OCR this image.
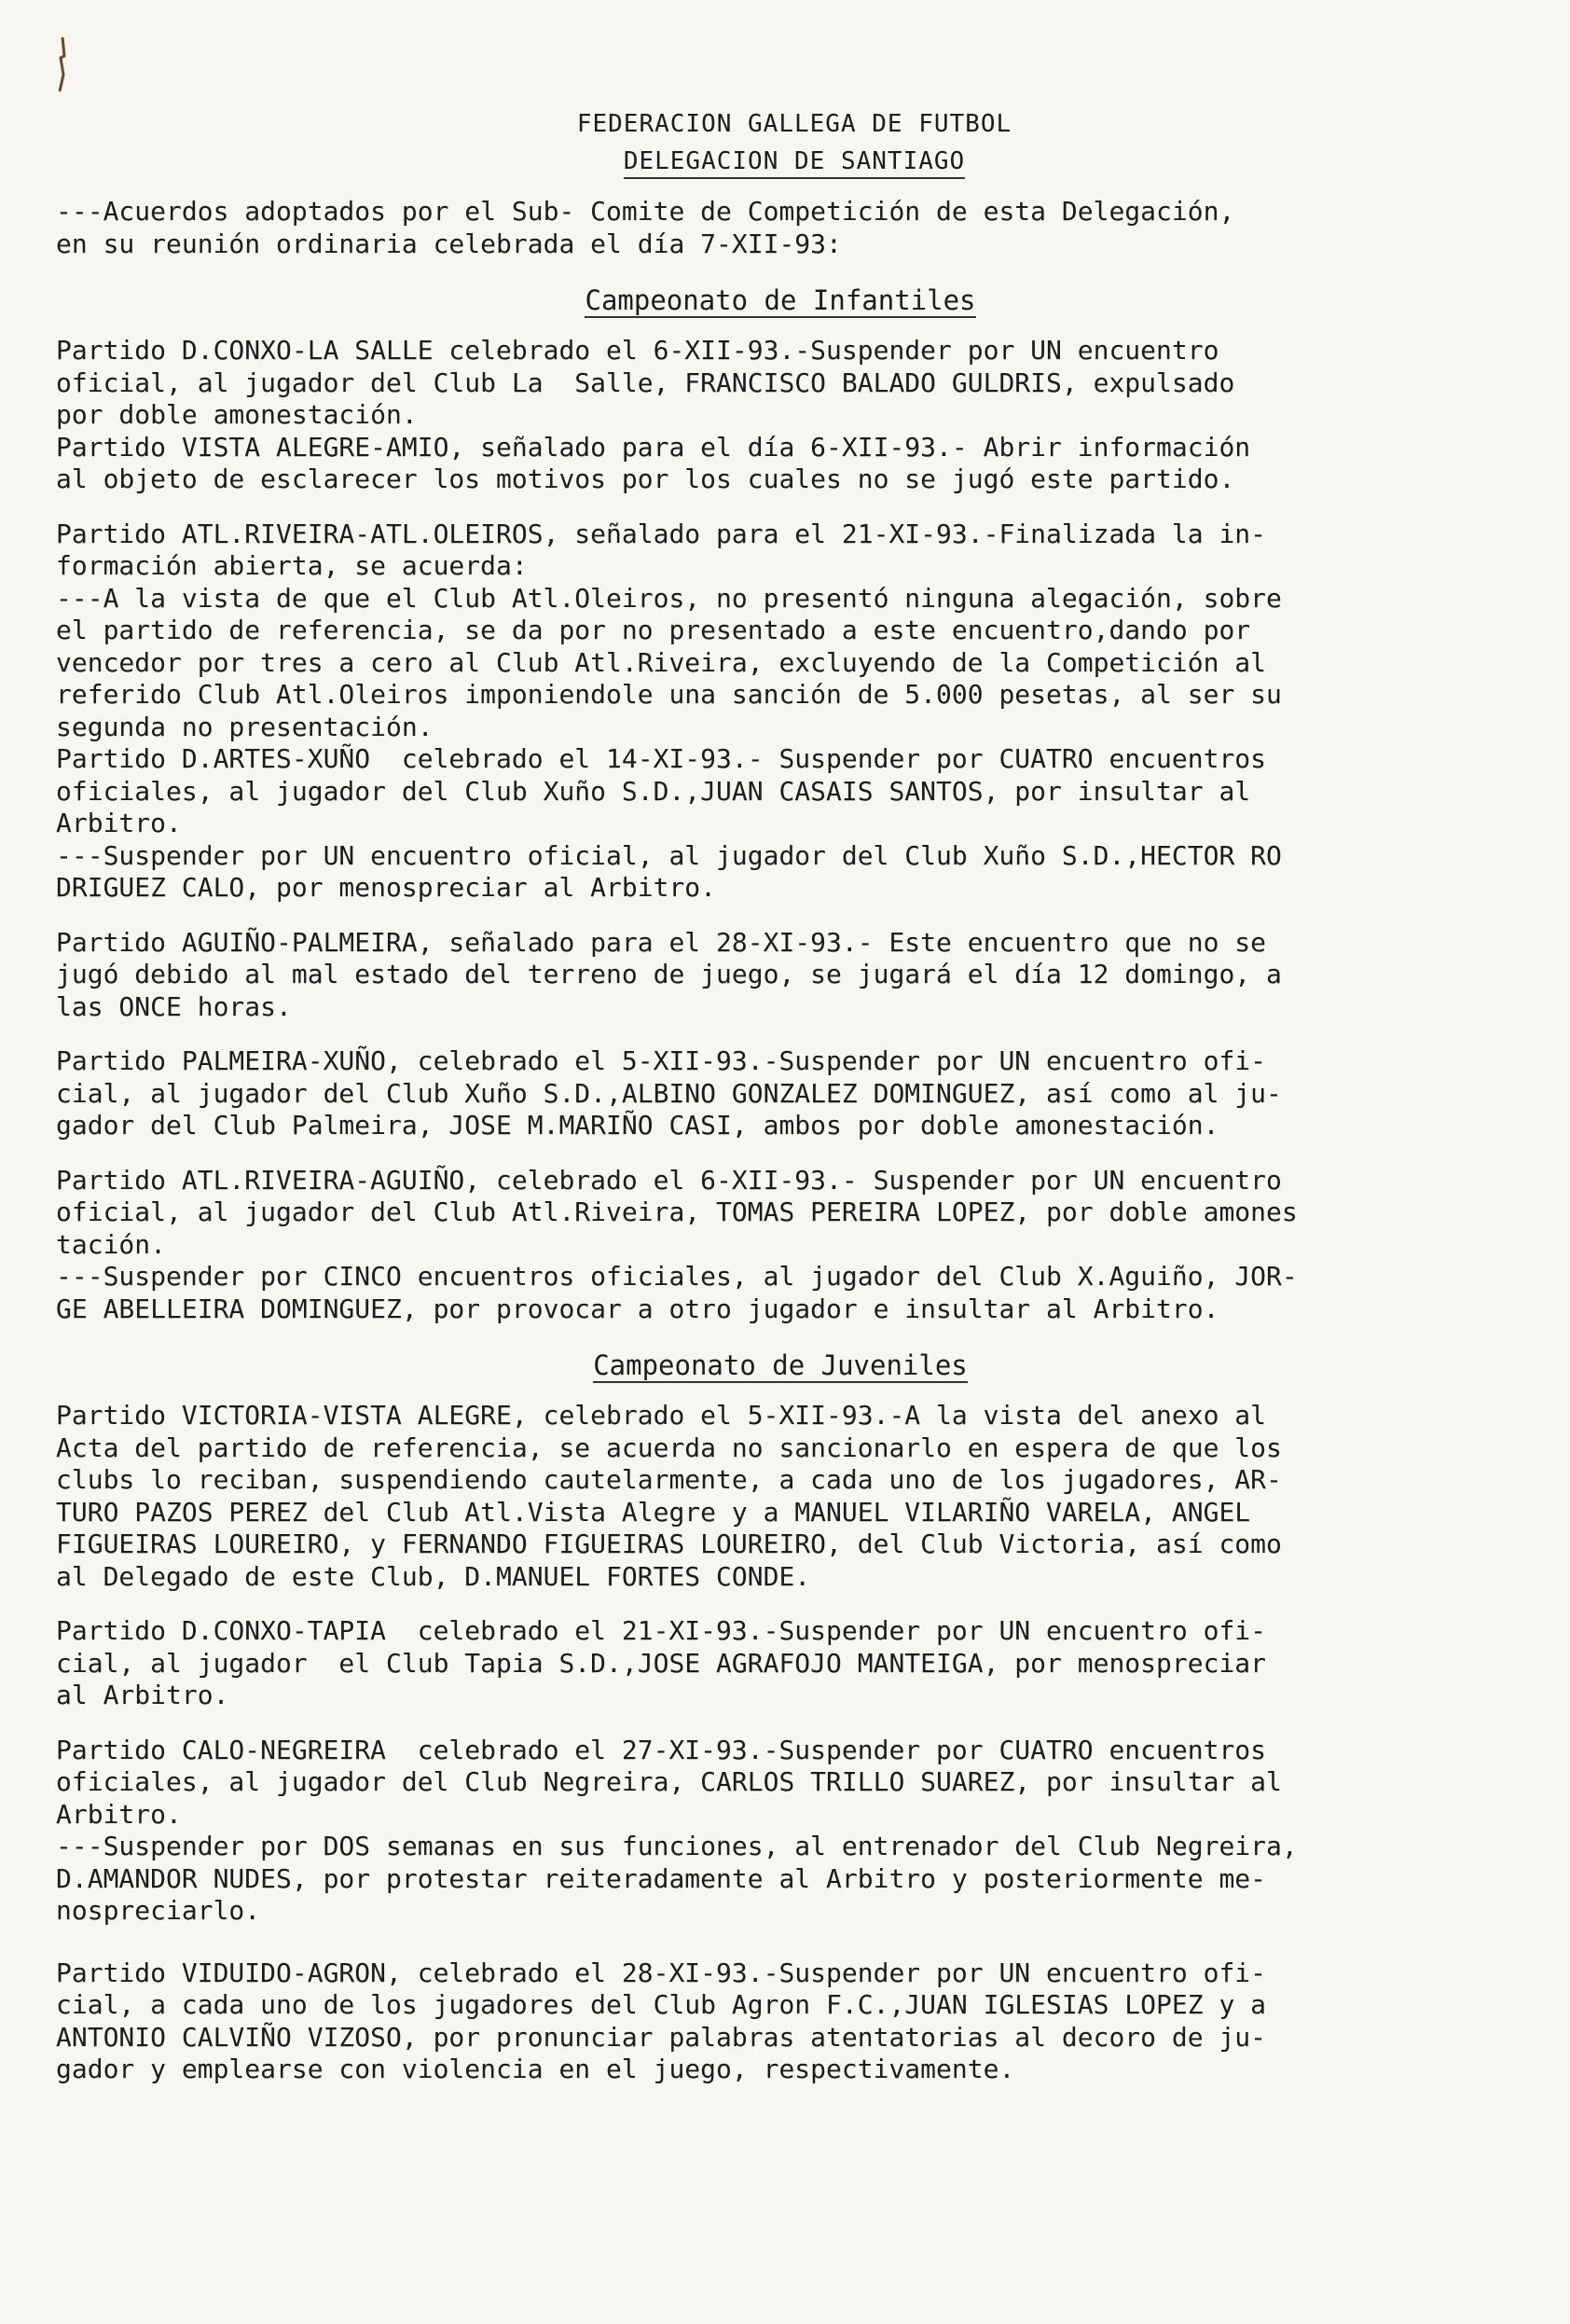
FEDERACION GALLEGA DE FUTBOL
DELEGACION DE SANTIAGO

---Acuerdos adoptados por el Sub- Comite de Competición de esta Delegación,

en su reunión ordinaria celebrada el día 7-XII-93:

Campeonato de Infantiles

Partido D.CONXO-LA SALLE celebrado el 6-XII-93.-Suspender por UN encuentro

oficial, al jugador del Club La  Salle, FRANCISCO BALADO GULDRIS, expulsado

por doble amonestación.

Partido VISTA ALEGRE-AMIO, señalado para el día 6-XII-93.- Abrir información

al objeto de esclarecer los motivos por los cuales no se jugó este partido.

Partido ATL.RIVEIRA-ATL.OLEIROS, señalado para el 21-XI-93.-Finalizada la in-

formación abierta, se acuerda:

---A la vista de que el Club Atl.Oleiros, no presentó ninguna alegación, sobre

el partido de referencia, se da por no presentado a este encuentro,dando por

vencedor por tres a cero al Club Atl.Riveira, excluyendo de la Competición al

referido Club Atl.Oleiros imponiendole una sanción de 5.000 pesetas, al ser su

segunda no presentación.

Partido D.ARTES-XUÑO  celebrado el 14-XI-93.- Suspender por CUATRO encuentros

oficiales, al jugador del Club Xuño S.D.,JUAN CASAIS SANTOS, por insultar al

Arbitro.

---Suspender por UN encuentro oficial, al jugador del Club Xuño S.D.,HECTOR RO

DRIGUEZ CALO, por menospreciar al Arbitro.

Partido AGUIÑO-PALMEIRA, señalado para el 28-XI-93.- Este encuentro que no se

jugó debido al mal estado del terreno de juego, se jugará el día 12 domingo, a

las ONCE horas.

Partido PALMEIRA-XUÑO, celebrado el 5-XII-93.-Suspender por UN encuentro ofi-

cial, al jugador del Club Xuño S.D.,ALBINO GONZALEZ DOMINGUEZ, así como al ju-

gador del Club Palmeira, JOSE M.MARIÑO CASI, ambos por doble amonestación.

Partido ATL.RIVEIRA-AGUIÑO, celebrado el 6-XII-93.- Suspender por UN encuentro

oficial, al jugador del Club Atl.Riveira, TOMAS PEREIRA LOPEZ, por doble amones

tación.

---Suspender por CINCO encuentros oficiales, al jugador del Club X.Aguiño, JOR-

GE ABELLEIRA DOMINGUEZ, por provocar a otro jugador e insultar al Arbitro.

Campeonato de Juveniles

Partido VICTORIA-VISTA ALEGRE, celebrado el 5-XII-93.-A la vista del anexo al

Acta del partido de referencia, se acuerda no sancionarlo en espera de que los

clubs lo reciban, suspendiendo cautelarmente, a cada uno de los jugadores, AR-

TURO PAZOS PEREZ del Club Atl.Vista Alegre y a MANUEL VILARIÑO VARELA, ANGEL

FIGUEIRAS LOUREIRO, y FERNANDO FIGUEIRAS LOUREIRO, del Club Victoria, así como

al Delegado de este Club, D.MANUEL FORTES CONDE.

Partido D.CONXO-TAPIA  celebrado el 21-XI-93.-Suspender por UN encuentro ofi-

cial, al jugador  el Club Tapia S.D.,JOSE AGRAFOJO MANTEIGA, por menospreciar

al Arbitro.

Partido CALO-NEGREIRA  celebrado el 27-XI-93.-Suspender por CUATRO encuentros

oficiales, al jugador del Club Negreira, CARLOS TRILLO SUAREZ, por insultar al

Arbitro.

---Suspender por DOS semanas en sus funciones, al entrenador del Club Negreira,

D.AMANDOR NUDES, por protestar reiteradamente al Arbitro y posteriormente me-

nospreciarlo.

Partido VIDUIDO-AGRON, celebrado el 28-XI-93.-Suspender por UN encuentro ofi-

cial, a cada uno de los jugadores del Club Agron F.C.,JUAN IGLESIAS LOPEZ y a

ANTONIO CALVIÑO VIZOSO, por pronunciar palabras atentatorias al decoro de ju-

gador y emplearse con violencia en el juego, respectivamente.
